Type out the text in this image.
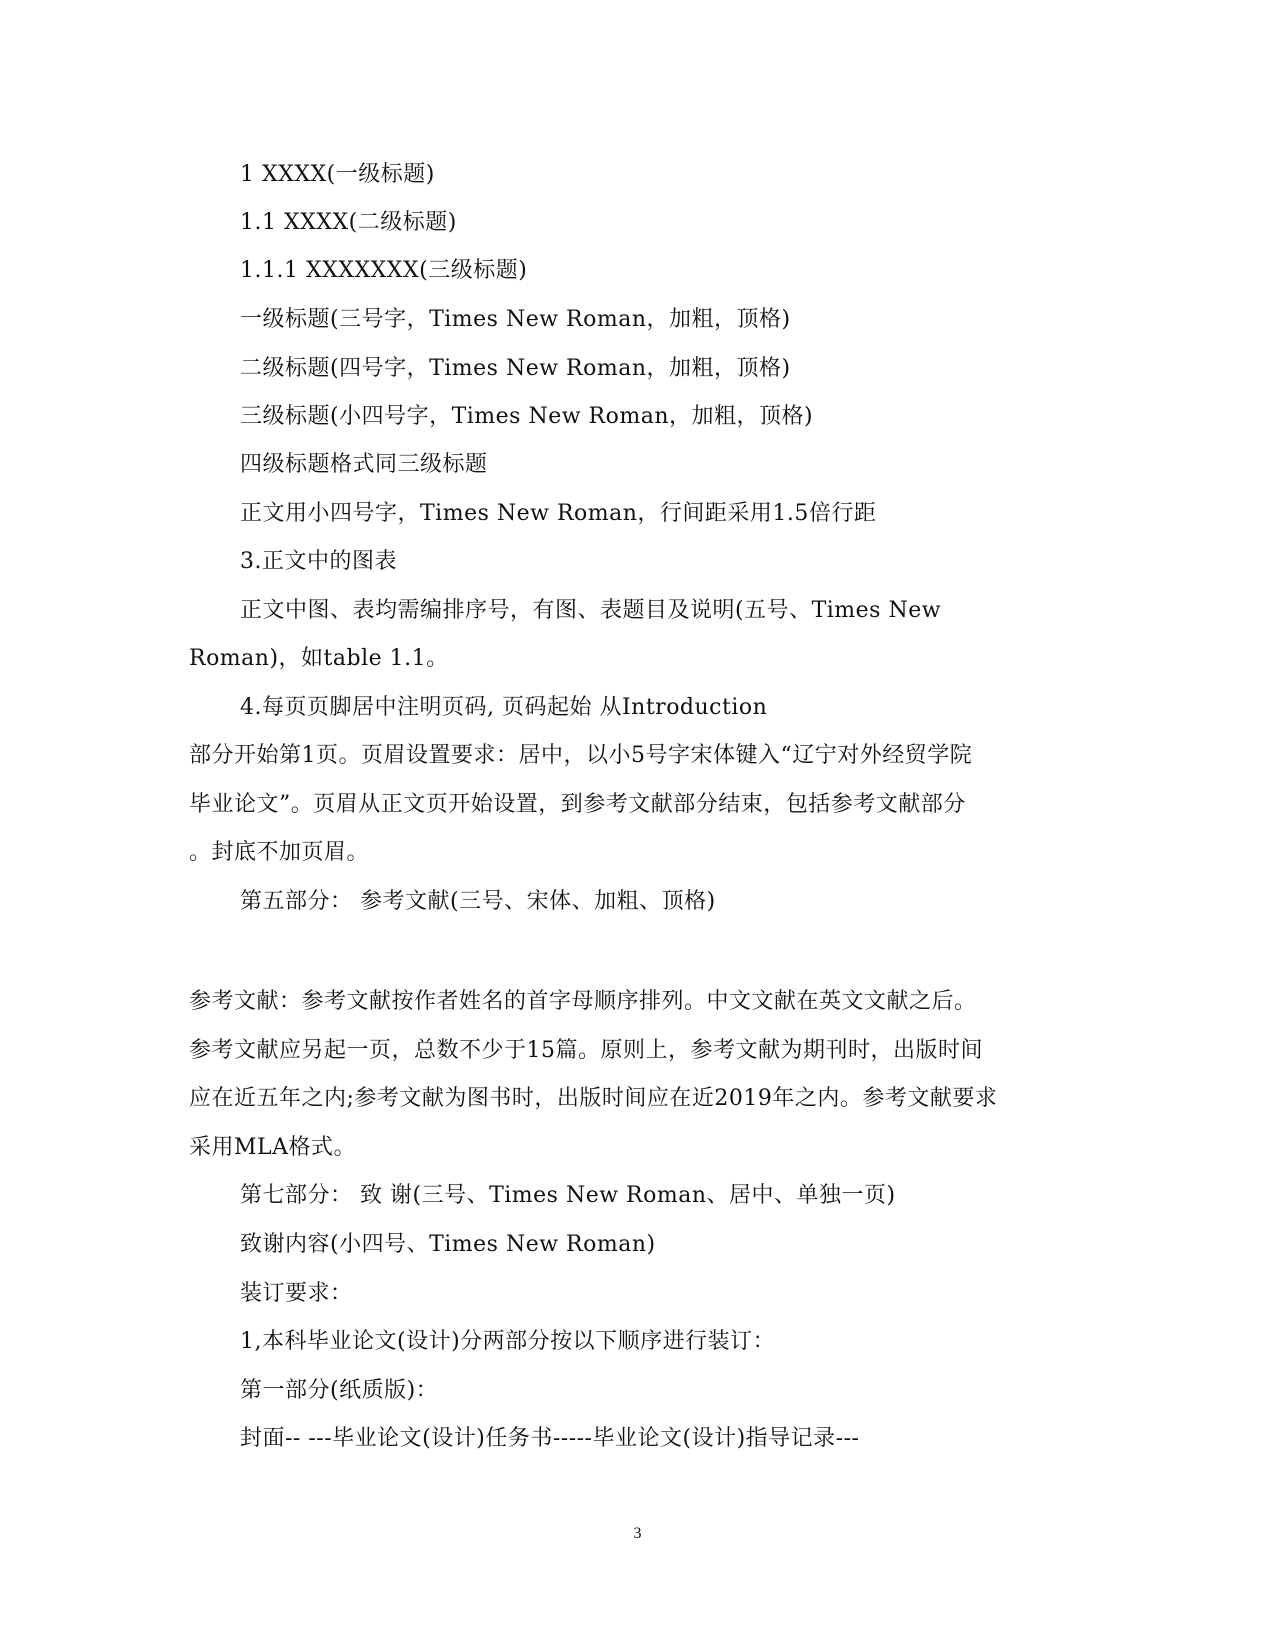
1 XXXX(一级标题)
1.1 XXXX(二级标题)
1.1.1 XXXXXXX(三级标题)
一级标题(三号字，Times New Roman，加粗，顶格)
二级标题(四号字，Times New Roman，加粗，顶格)
三级标题(小四号字，Times New Roman，加粗，顶格)
四级标题格式同三级标题
正文用小四号字，Times New Roman，行间距采用1.5倍行距
3.正文中的图表
正文中图、表均需编排序号，有图、表题目及说明(五号、Times New
Roman)，如table 1.1。
4.每页页脚居中注明页码, 页码起始 从Introduction
部分开始第1页。页眉设置要求：居中，以小5号字宋体键入“辽宁对外经贸学院
毕业论文”。页眉从正文页开始设置，到参考文献部分结束，包括参考文献部分
。封底不加页眉。
第五部分： 参考文献(三号、宋体、加粗、顶格)
参考文献：参考文献按作者姓名的首字母顺序排列。中文文献在英文文献之后。
参考文献应另起一页，总数不少于15篇。原则上，参考文献为期刊时，出版时间
应在近五年之内;参考文献为图书时，出版时间应在近2019年之内。参考文献要求
采用MLA格式。
第七部分： 致 谢(三号、Times New Roman、居中、单独一页)
致谢内容(小四号、Times New Roman)
装订要求：
1,本科毕业论文(设计)分两部分按以下顺序进行装订：
第一部分(纸质版)：
封面-- ---毕业论文(设计)任务书-----毕业论文(设计)指导记录---
3
